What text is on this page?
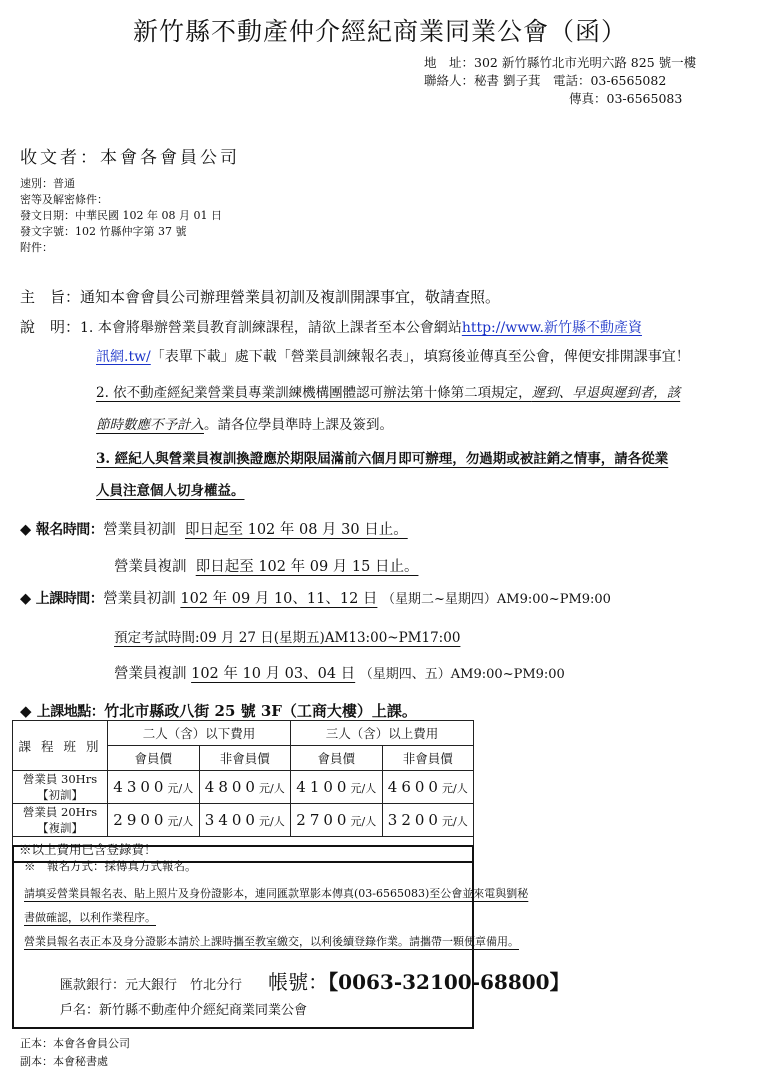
新竹縣不動產仲介經紀商業同業公會（函）
地　址：302 新竹縣竹北市光明六路 825 號一樓
聯絡人：秘書 劉子萁　電話：03-6565082
傳真：03-6565083
收文者：本會各會員公司
速別：普通
密等及解密條件：
發文日期：中華民國 102 年 08 月 01 日
發文字號：102 竹縣仲字第 37 號
附件：
主　旨：通知本會會員公司辦理營業員初訓及複訓開課事宜，敬請查照。
說　明：1. 本會將舉辦營業員教育訓練課程，請欲上課者至本公會網站http://www.新竹縣不動產資
訊網.tw/「表單下載」處下載「營業員訓練報名表」，填寫後並傳真至公會，俾便安排開課事宜！
2. 依不動產經紀業營業員專業訓練機構團體認可辦法第十條第二項規定，遲到、早退與遲到者，該
節時數應不予計入。請各位學員準時上課及簽到。
3. 經紀人與營業員複訓換證應於期限屆滿前六個月即可辦理，勿過期或被註銷之情事，請各從業
人員注意個人切身權益。
◆ 報名時間：營業員初訓 即日起至 102 年 08 月 30 日止。
營業員複訓 即日起至 102 年 09 月 15 日止。
◆ 上課時間：營業員初訓 102 年 09 月 10、11、12 日 （星期二~星期四）AM9:00~PM9:00
預定考試時間:09 月 27 日(星期五)AM13:00~PM17:00
營業員複訓 102 年 10 月 03、04 日 （星期四、五）AM9:00~PM9:00
◆ 上課地點：竹北市縣政八街 25 號 3F（工商大樓）上課。
課 程 班 別	二人（含）以下費用		三人（含）以上費用	
	會員價	非會員價	會員價	非會員價
營業員 30Hrs【初訓】	4300元/人	4800元/人	4100元/人	4600元/人
營業員 20Hrs【複訓】	2900元/人	3400元/人	2700元/人	3200元/人
※以上費用已含登錄費！				
※　報名方式：採傳真方式報名。
請填妥營業員報名表、貼上照片及身份證影本，連同匯款單影本傳真(03-6565083)至公會並來電與劉秘
書做確認，以利作業程序。
營業員報名表正本及身分證影本請於上課時攜至教室繳交，以利後續登錄作業。請攜帶一顆便章備用。
匯款銀行：元大銀行　竹北分行 帳號：【0063-32100-68800】
戶名：新竹縣不動產仲介經紀商業同業公會
正本：本會各會員公司
副本：本會秘書處
